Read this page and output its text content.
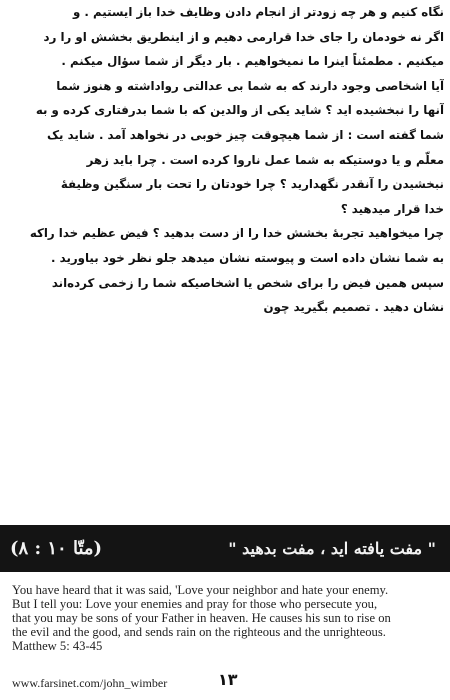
نگاه کنیم و هر چه زودتر از انجام دادن وظایف خدا باز ایستیم . و
اگر نه خودمان را جای خدا قرارمی دهیم و از اینطریق بخشش او را رد
میکنیم . مطمئناً اینرا ما نمیخواهیم . بار دیگر از شما سؤال میکنم .
آیا اشخاصی وجود دارند که به شما بی عدالتی رواداشته و هنوز شما
آنها را نبخشیده اید ؟ شاید یکی از والدین که با شما بدرفتاری کرده و به
شما گفته است : از شما هیچوقت چیز خوبی در نخواهد آمد . شاید یک
معلّم و یا دوستیکه به شما عمل ناروا کرده است . چرا باید زهر
نبخشیدن را آنقدر نگهدارید ؟ چرا خودتان را تحت بار سنگین وظیفهٔ
خدا قرار میدهید ؟
چرا میخواهید تجربهٔ بخشش خدا را از دست بدهید ؟ فیض عظیم خدا راکه
به شما نشان داده است و پیوسته نشان میدهد جلو نظر خود بیاورید .
سپس همین فیض را برای شخص یا اشخاصیکه شما را زخمی کرده‌اند
نشان دهید . تصمیم بگیرید چون
(متّا ۱۰ : ۸)	" مفت یافته اید ، مفت بدهید "
You have heard that it was said, 'Love your neighbor and hate your enemy.
But I tell you: Love your enemies and pray for those who persecute you,
that you may be sons of your Father in heaven. He causes his sun to rise on
the evil and the good, and sends rain on the righteous and the unrighteous.
Matthew 5: 43-45
www.farsinet.com/john_wimber	۱۳
